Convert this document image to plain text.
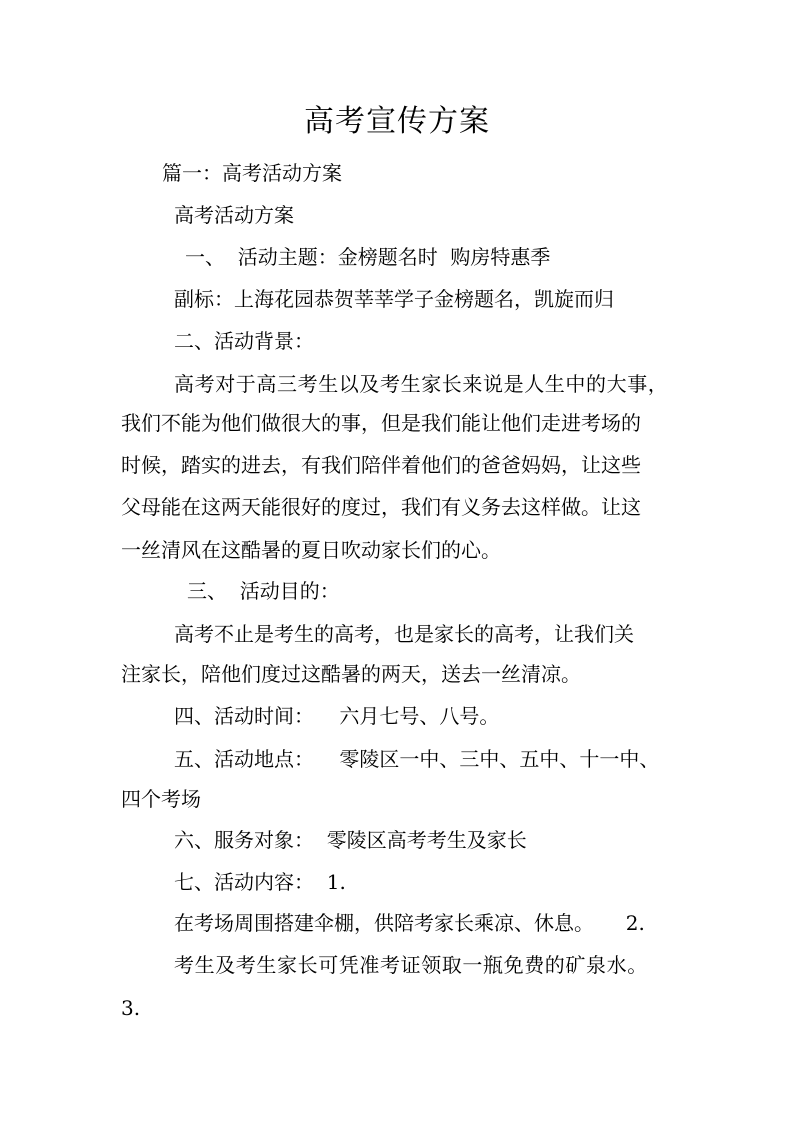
高考宣传方案
篇一：高考活动方案
高考活动方案
一、  活动主题：金榜题名时  购房特惠季
副标：上海花园恭贺莘莘学子金榜题名，凯旋而归
二、活动背景：
高考对于高三考生以及考生家长来说是人生中的大事，
我们不能为他们做很大的事，但是我们能让他们走进考场的
时候，踏实的进去，有我们陪伴着他们的爸爸妈妈，让这些
父母能在这两天能很好的度过，我们有义务去这样做。让这
一丝清风在这酷暑的夏日吹动家长们的心。
三、  活动目的：
高考不止是考生的高考，也是家长的高考，让我们关
注家长，陪他们度过这酷暑的两天，送去一丝清凉。
四、活动时间：    六月七号、八号。
五、活动地点：    零陵区一中、三中、五中、十一中、
四个考场
六、服务对象：  零陵区高考考生及家长
七、活动内容：  1.
在考场周围搭建伞棚，供陪考家长乘凉、休息。     2.
考生及考生家长可凭准考证领取一瓶免费的矿泉水。
3.
